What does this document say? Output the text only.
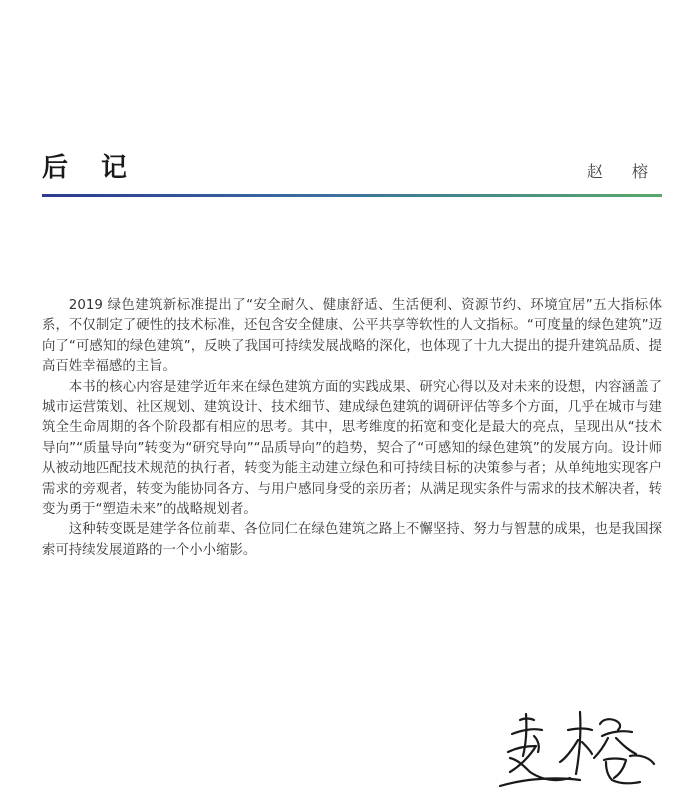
后 记	赵 榕

2019 绿色建筑新标准提出了“安全耐久、健康舒适、生活便利、资源节约、环境宜居”五大指标体系，不仅制定了硬性的技术标准，还包含安全健康、公平共享等软性的人文指标。“可度量的绿色建筑”迈向了“可感知的绿色建筑”，反映了我国可持续发展战略的深化，也体现了十九大提出的提升建筑品质、提高百姓幸福感的主旨。

本书的核心内容是建学近年来在绿色建筑方面的实践成果、研究心得以及对未来的设想，内容涵盖了城市运营策划、社区规划、建筑设计、技术细节、建成绿色建筑的调研评估等多个方面，几乎在城市与建筑全生命周期的各个阶段都有相应的思考。其中，思考维度的拓宽和变化是最大的亮点，呈现出从“技术导向”“质量导向”转变为“研究导向”“品质导向”的趋势，契合了“可感知的绿色建筑”的发展方向。设计师从被动地匹配技术规范的执行者，转变为能主动建立绿色和可持续目标的决策参与者；从单纯地实现客户需求的旁观者，转变为能协同各方、与用户感同身受的亲历者；从满足现实条件与需求的技术解决者，转变为勇于“塑造未来”的战略规划者。

这种转变既是建学各位前辈、各位同仁在绿色建筑之路上不懈坚持、努力与智慧的成果，也是我国探索可持续发展道路的一个小小缩影。
